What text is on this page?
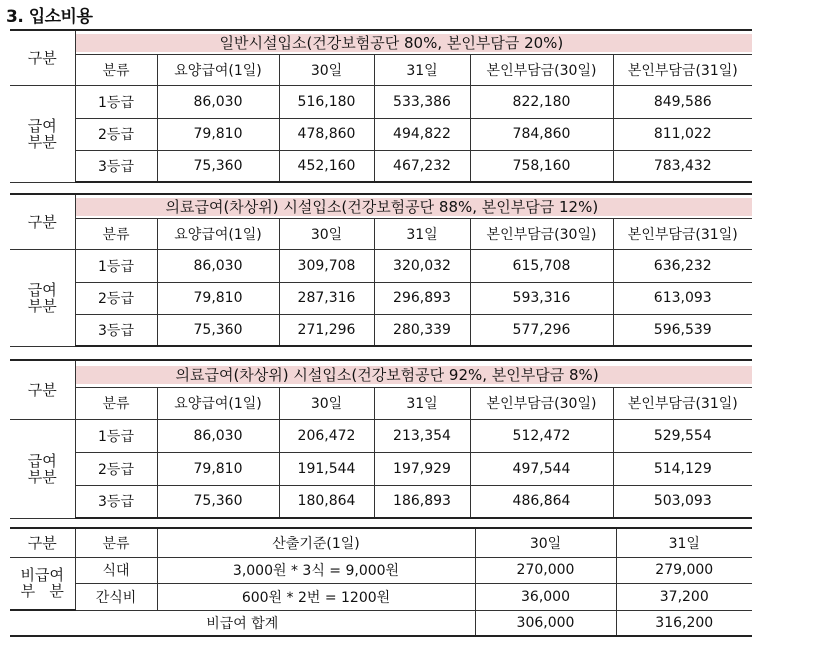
3. 입소비용
구분	일반시설입소(건강보험공단 80%, 본인부담금 20%)					

	분류	요양급여(1일)	30일	31일	본인부담금(30일)	본인부담금(31일)
급여
부분	1등급	86,030	516,180	533,386	822,180	849,586
	2등급	79,810	478,860	494,822	784,860	811,022
	3등급	75,360	452,160	467,232	758,160	783,432
구분	의료급여(차상위) 시설입소(건강보험공단 88%, 본인부담금 12%)					

	분류	요양급여(1일)	30일	31일	본인부담금(30일)	본인부담금(31일)
급여
부분	1등급	86,030	309,708	320,032	615,708	636,232
	2등급	79,810	287,316	296,893	593,316	613,093
	3등급	75,360	271,296	280,339	577,296	596,539
구분	의료급여(차상위) 시설입소(건강보험공단 92%, 본인부담금 8%)					

	분류	요양급여(1일)	30일	31일	본인부담금(30일)	본인부담금(31일)
급여
부분	1등급	86,030	206,472	213,354	512,472	529,554
	2등급	79,810	191,544	197,929	497,544	514,129
	3등급	75,360	180,864	186,893	486,864	503,093
구분	분류	산출기준(1일)	30일	31일
비급여
부   분	식대	3,000원 * 3식 = 9,000원	270,000	279,000
	간식비	600원 * 2번 = 1200원	36,000	37,200
비급여 합계			306,000	316,200
